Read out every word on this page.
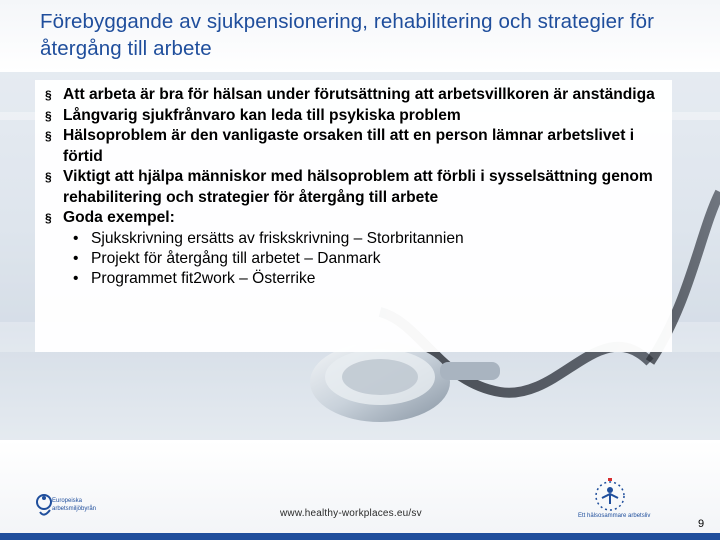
Förebyggande av sjukpensionering, rehabilitering och strategier för återgång till arbete
§ Att arbeta är bra för hälsan under förutsättning att arbetsvillkoren är anständiga
§ Långvarig sjukfrånvaro kan leda till psykiska problem
§ Hälsoproblem är den vanligaste orsaken till att en person lämnar arbetslivet i förtid
§ Viktigt att hjälpa människor med hälsoproblem att förbli i sysselsättning genom rehabilitering och strategier för återgång till arbete
§ Goda exempel:
• Sjukskrivning ersätts av friskskrivning – Storbritannien
• Projekt för återgång till arbetet – Danmark
• Programmet fit2work – Österrike
Europeiska
arbetsmiljöbyrån	www.healthy-workplaces.eu/sv	Ett hälsosammare arbetsliv
9
